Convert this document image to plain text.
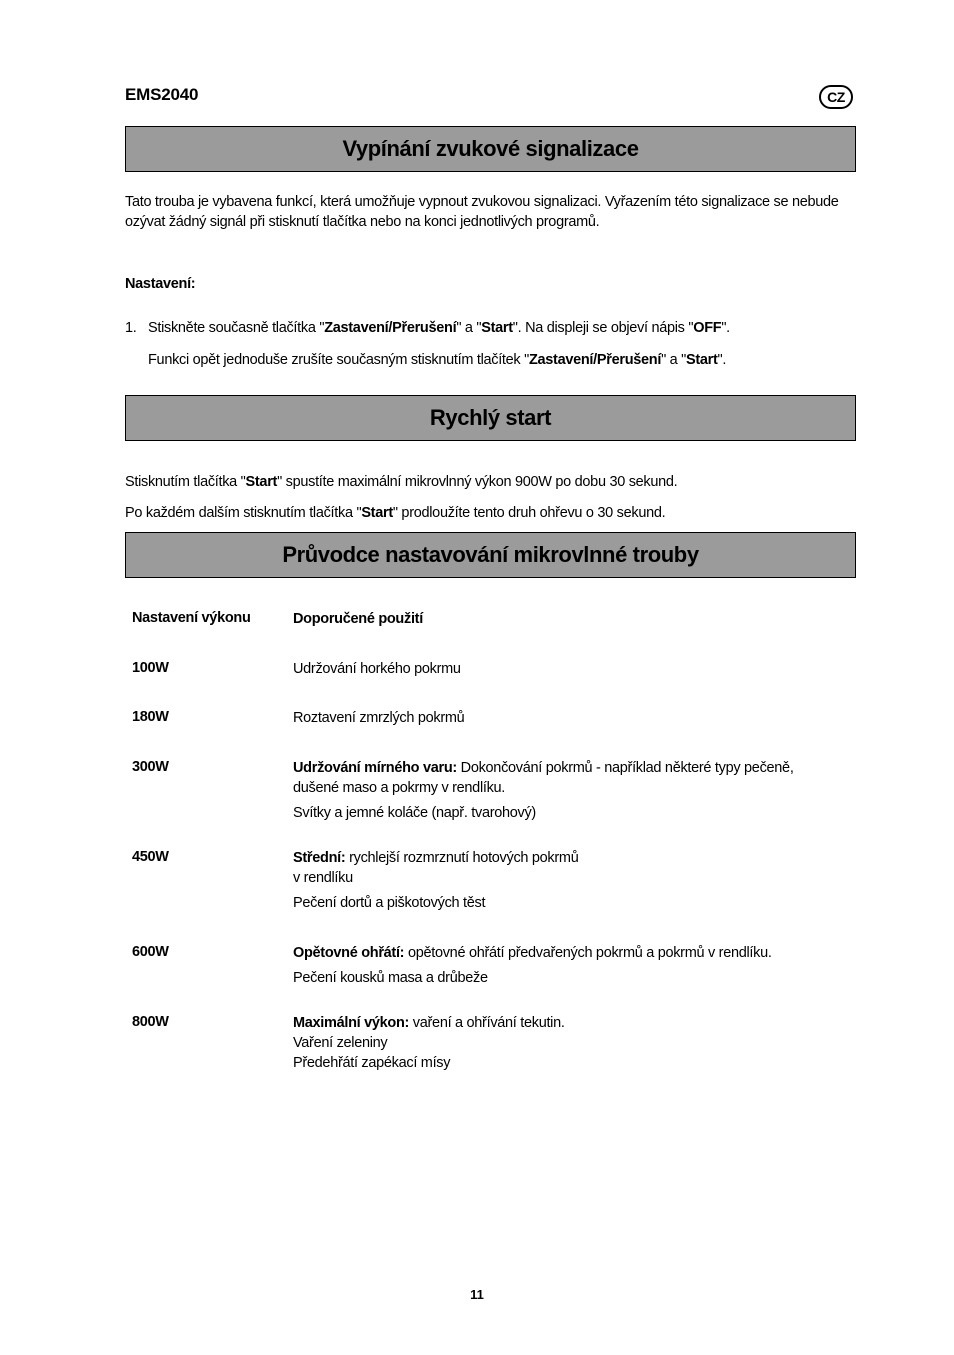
EMS2040	CZ
Vypínání zvukové signalizace
Tato trouba je vybavena funkcí, která umožňuje vypnout zvukovou signalizaci. Vyřazením této signalizace se nebude ozývat žádný signál při stisknutí tlačítka nebo na konci jednotlivých programů.
Nastavení:
1. Stiskněte současně tlačítka "Zastavení/Přerušení" a "Start". Na displeji se objeví nápis "OFF".
Funkci opět jednoduše zrušíte současným stisknutím tlačítek "Zastavení/Přerušení" a "Start".
Rychlý start
Stisknutím tlačítka "Start" spustíte maximální mikrovlnný výkon 900W po dobu 30 sekund.
Po každém dalším stisknutím tlačítka "Start" prodloužíte tento druh ohřevu o 30 sekund.
Průvodce nastavování mikrovlnné trouby
Nastavení výkonu	Doporučené použití
100W	Udržování horkého pokrmu
180W	Roztavení zmrzlých pokrmů
300W	Udržování mírného varu: Dokončování pokrmů - například některé typy pečeně, dušené maso a pokrmy v rendlíku.
Svítky a jemné koláče (např. tvarohový)
450W	Střední: rychlejší rozmrznutí hotových pokrmů
v rendlíku
Pečení dortů a piškotových těst
600W	Opětovné ohřátí: opětovné ohřátí předvařených pokrmů a pokrmů v rendlíku.
Pečení kousků masa a drůbeže
800W	Maximální výkon: vaření a ohřívání tekutin.
Vaření zeleniny
Předehřátí zapékací mísy
11
